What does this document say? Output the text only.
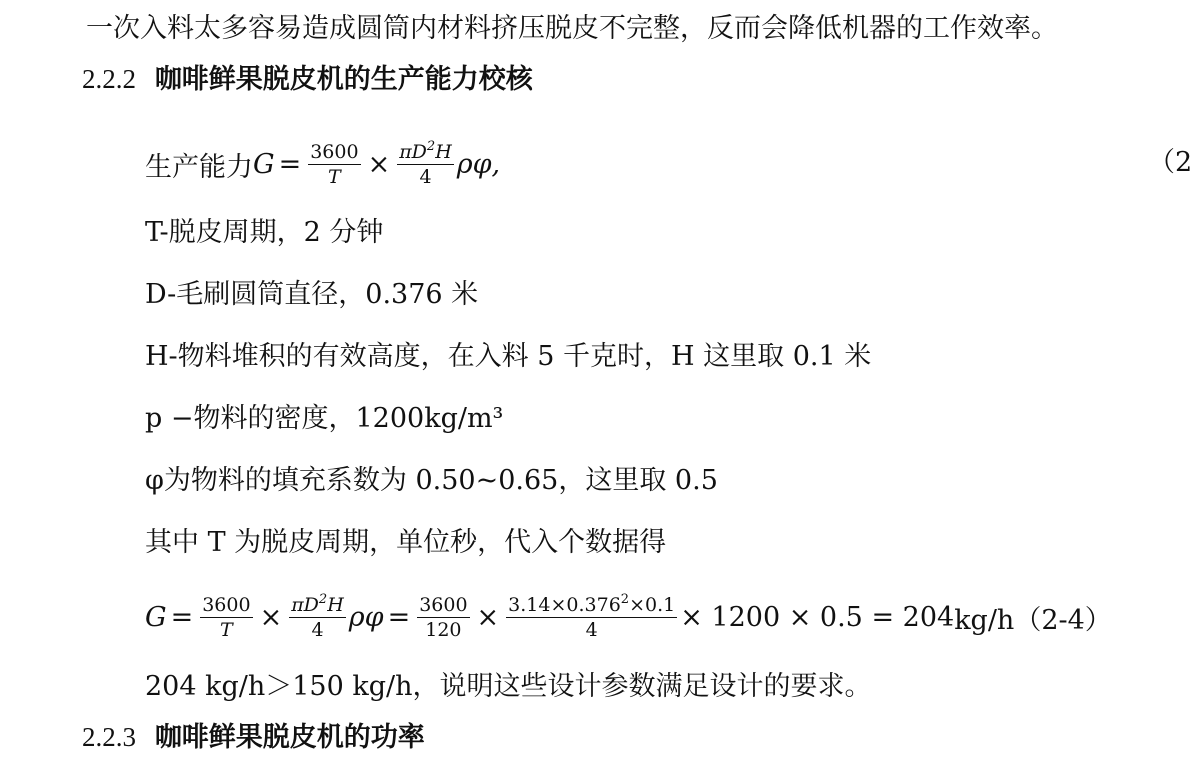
一次入料太多容易造成圆筒内材料挤压脱皮不完整，反而会降低机器的工作效率。
2.2.2 咖啡鲜果脱皮机的生产能力校核
生产能力 $G = \frac{3600}{T} \times \frac{\pi D^2H}{4} \rho\varphi$,	（2
T-脱皮周期，2 分钟
D-毛刷圆筒直径，0.376 米
H-物料堆积的有效高度，在入料 5 千克时，H 这里取 0.1 米
p −物料的密度，1200kg/m³
φ为物料的填充系数为 0.50~0.65，这里取 0.5
其中 T 为脱皮周期，单位秒，代入个数据得
$G = \frac{3600}{T} \times \frac{\pi D^2H}{4}$ $\rho\varphi = \frac{3600}{120} \times \frac{3.14\times 0.376^2\times 0.1}{4} \times 1200 \times 0.5 = 204$ kg/h（2-4）
204 kg/h＞150 kg/h，说明这些设计参数满足设计的要求。
2.2.3 咖啡鲜果脱皮机的功率
